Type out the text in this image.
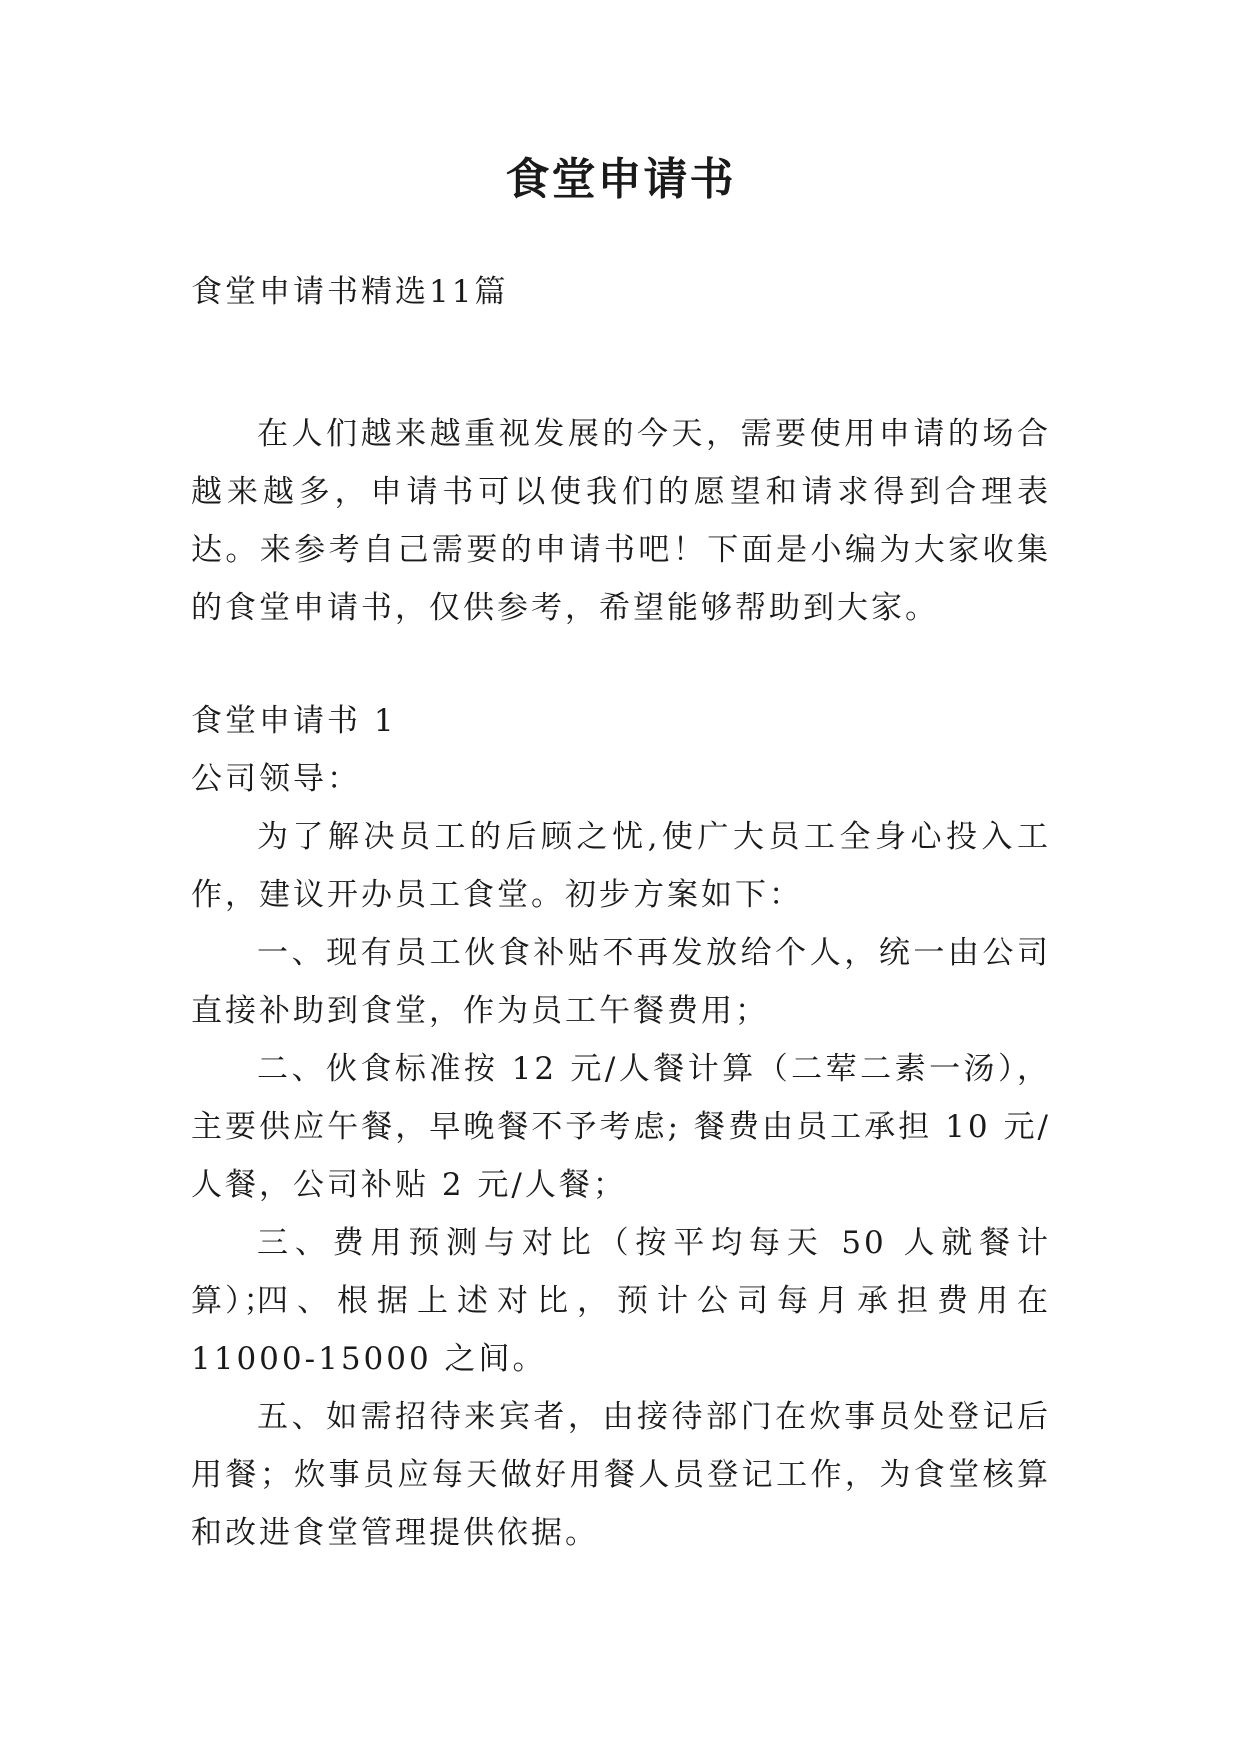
食堂申请书
食堂申请书精选11篇
在人们越来越重视发展的今天，需要使用申请的场合越来越多，申请书可以使我们的愿望和请求得到合理表达。来参考自己需要的申请书吧！下面是小编为大家收集的食堂申请书，仅供参考，希望能够帮助到大家。
食堂申请书 1
公司领导：
为了解决员工的后顾之忧,使广大员工全身心投入工作，建议开办员工食堂。初步方案如下：
一、现有员工伙食补贴不再发放给个人，统一由公司直接补助到食堂，作为员工午餐费用；
二、伙食标准按 12 元/人餐计算（二荤二素一汤），主要供应午餐，早晚餐不予考虑; 餐费由员工承担 10 元/人餐，公司补贴 2 元/人餐；
三、费用预测与对比（按平均每天 50 人就餐计算）；
四、根据上述对比，预计公司每月承担费用在 11000-15000 之间。
五、如需招待来宾者，由接待部门在炊事员处登记后用餐；炊事员应每天做好用餐人员登记工作，为食堂核算和改进食堂管理提供依据。
